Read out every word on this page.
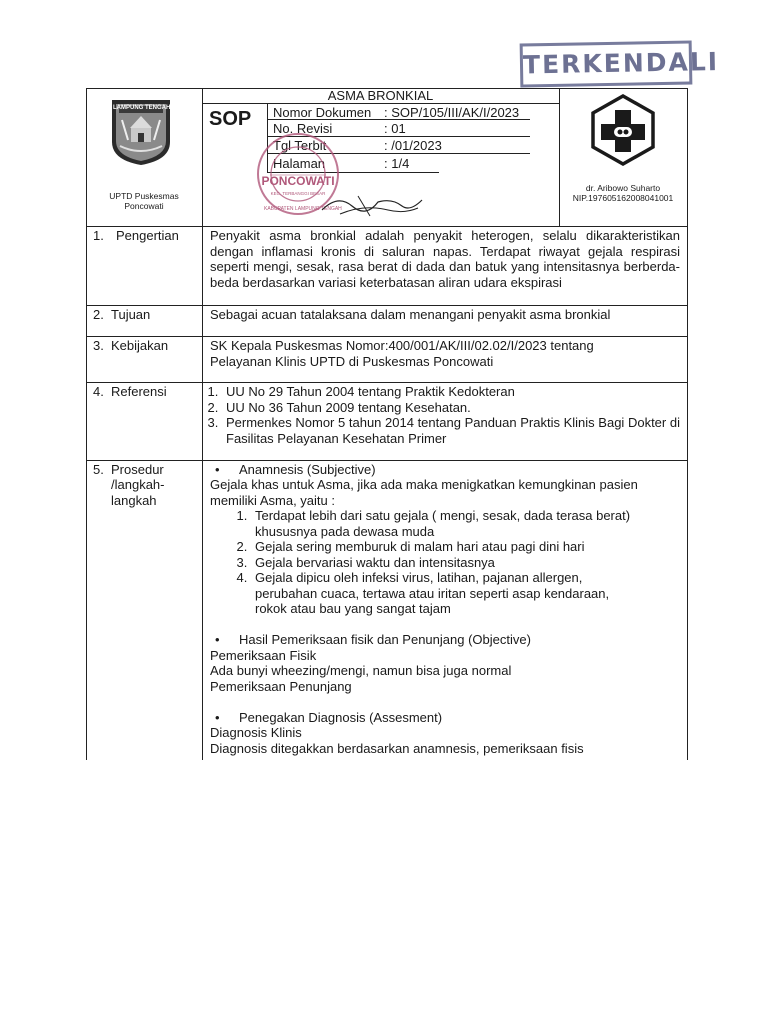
TERKENDALI
ASMA BRONKIAL
SOP Nomor Dokumen : SOP/105/III/AK/I/2023
No. Revisi	: 01
Tgl Terbit	: /01/2023
Halaman	: 1/4
LAMPUNG TENGAH
UPTD Puskesmas
Poncowati
PONCOWATI
KEC. TERBANGGI BESAR
KABUPATEN LAMPUNG TENGAH
dr. Aribowo Suharto
NIP.197605162008041001
1. Pengertian Penyakit asma bronkial adalah penyakit heterogen, selalu dikarakteristikan dengan inflamasi kronis di saluran napas. Terdapat riwayat gejala respirasi seperti mengi, sesak, rasa berat di dada dan batuk yang intensitasnya berberda-beda berdasarkan variasi keterbatasan aliran udara ekspirasi
2. Tujuan	Sebagai acuan tatalaksana dalam menangani penyakit asma bronkial
3. Kebijakan	SK Kepala Puskesmas Nomor:400/001/AK/III/02.02/I/2023 tentang Pelayanan Klinis UPTD di Puskesmas Poncowati
4. Referensi
1.	UU No 29 Tahun 2004 tentang Praktik Kedokteran
2. UU No 36 Tahun 2009 tentang Kesehatan.
3. Permenkes Nomor 5 tahun 2014 tentang Panduan Praktis Klinis Bagi Dokter di Fasilitas Pelayanan Kesehatan Primer
5. Prosedur
/langkah-
langkah
• Anamnesis (Subjective)
Gejala khas untuk Asma, jika ada maka menigkatkan kemungkinan pasien memiliki Asma, yaitu :
1. Terdapat lebih dari satu gejala ( mengi, sesak, dada terasa berat) khususnya pada dewasa muda
2. Gejala sering memburuk di malam hari atau pagi dini hari
3. Gejala bervariasi waktu dan intensitasnya
4. Gejala dipicu oleh infeksi virus, latihan, pajanan allergen, perubahan cuaca, tertawa atau iritan seperti asap kendaraan, rokok atau bau yang sangat tajam
• Hasil Pemeriksaan fisik dan Penunjang (Objective)
Pemeriksaan Fisik
Ada bunyi wheezing/mengi, namun bisa juga normal
Pemeriksaan Penunjang
• Penegakan Diagnosis (Assesment)
Diagnosis Klinis
Diagnosis ditegakkan berdasarkan anamnesis, pemeriksaan fisis
